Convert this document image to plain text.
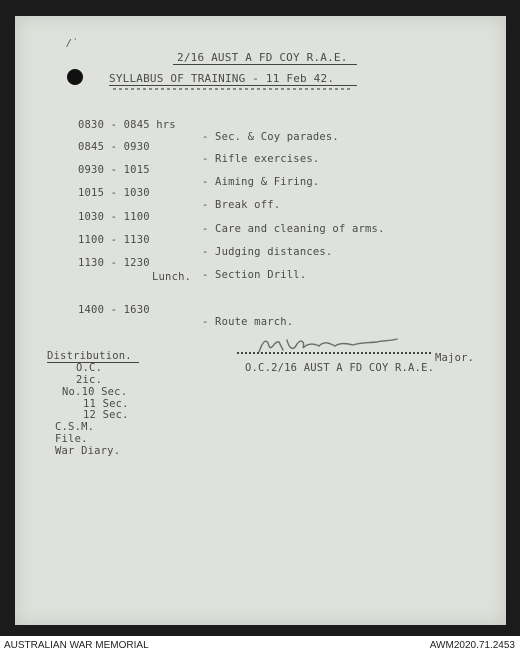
/`
2/16 AUST A FD COY R.A.E.
SYLLABUS OF TRAINING - 11 Feb 42.

0830 - 0845 hrs

- Sec. & Coy parades.

0845 - 0930

- Rifle exercises.

0930 - 1015

- Aiming & Firing.

1015 - 1030

- Break off.

1030 - 1100

- Care and cleaning of arms.

1100 - 1130

- Judging distances.

1130 - 1230

- Section Drill.

Lunch.

1400 - 1630

- Route march.

Distribution.
O.C.
2ic.
No.10 Sec.
11 Sec.
12 Sec.
C.S.M.
File.
War Diary.
Major.
O.C.2/16 AUST A FD COY R.A.E.
AUSTRALIAN WAR MEMORIAL	AWM2020.71.2453
